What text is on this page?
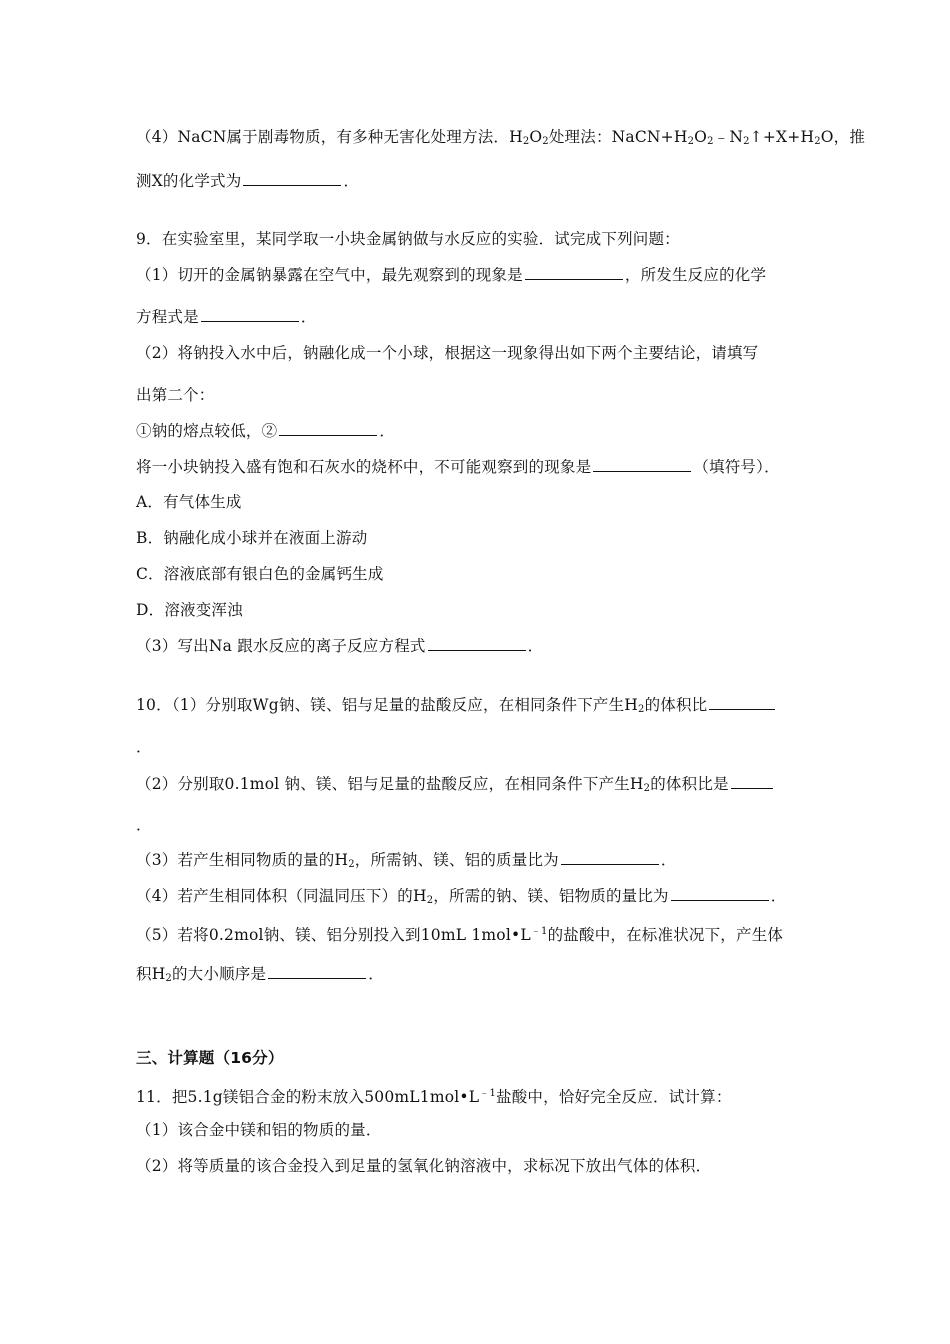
（4）NaCN属于剧毒物质，有多种无害化处理方法．$H_2O_2$处理法：$NaCN+H_2O_2﹣N_2↑+X+H_2O$，推
测X的化学式为	．
9．在实验室里，某同学取一小块金属钠做与水反应的实验．试完成下列问题：
（1）切开的金属钠暴露在空气中，最先观察到的现象是	，所发生反应的化学
方程式是	．
（2）将钠投入水中后，钠融化成一个小球，根据这一现象得出如下两个主要结论，请填写
出第二个：
①钠的熔点较低，②	．
将一小块钠投入盛有饱和石灰水的烧杯中，不可能观察到的现象是	（填符号）．
A．有气体生成
B．钠融化成小球并在液面上游动
C．溶液底部有银白色的金属钙生成
D．溶液变浑浊
（3）写出Na 跟水反应的离子反应方程式	．
10．（1）分别取Wg钠、镁、铝与足量的盐酸反应，在相同条件下产生$H_2$的体积比
．
（2）分别取0.1mol 钠、镁、铝与足量的盐酸反应，在相同条件下产生$H_2$的体积比是
．
（3）若产生相同物质的量的$H_2$，所需钠、镁、铝的质量比为	．
（4）若产生相同体积（同温同压下）的$H_2$，所需的钠、镁、铝物质的量比为	．
（5）若将0.2mol钠、镁、铝分别投入到10mL $1mol•L^{﹣1}$的盐酸中，在标准状况下，产生体
积$H_2$的大小顺序是	．
三、计算题（16分）
11．把5.1g镁铝合金的粉末放入$500mL1mol•L^{﹣1}$盐酸中，恰好完全反应．试计算：
（1）该合金中镁和铝的物质的量．
（2）将等质量的该合金投入到足量的氢氧化钠溶液中，求标况下放出气体的体积．
